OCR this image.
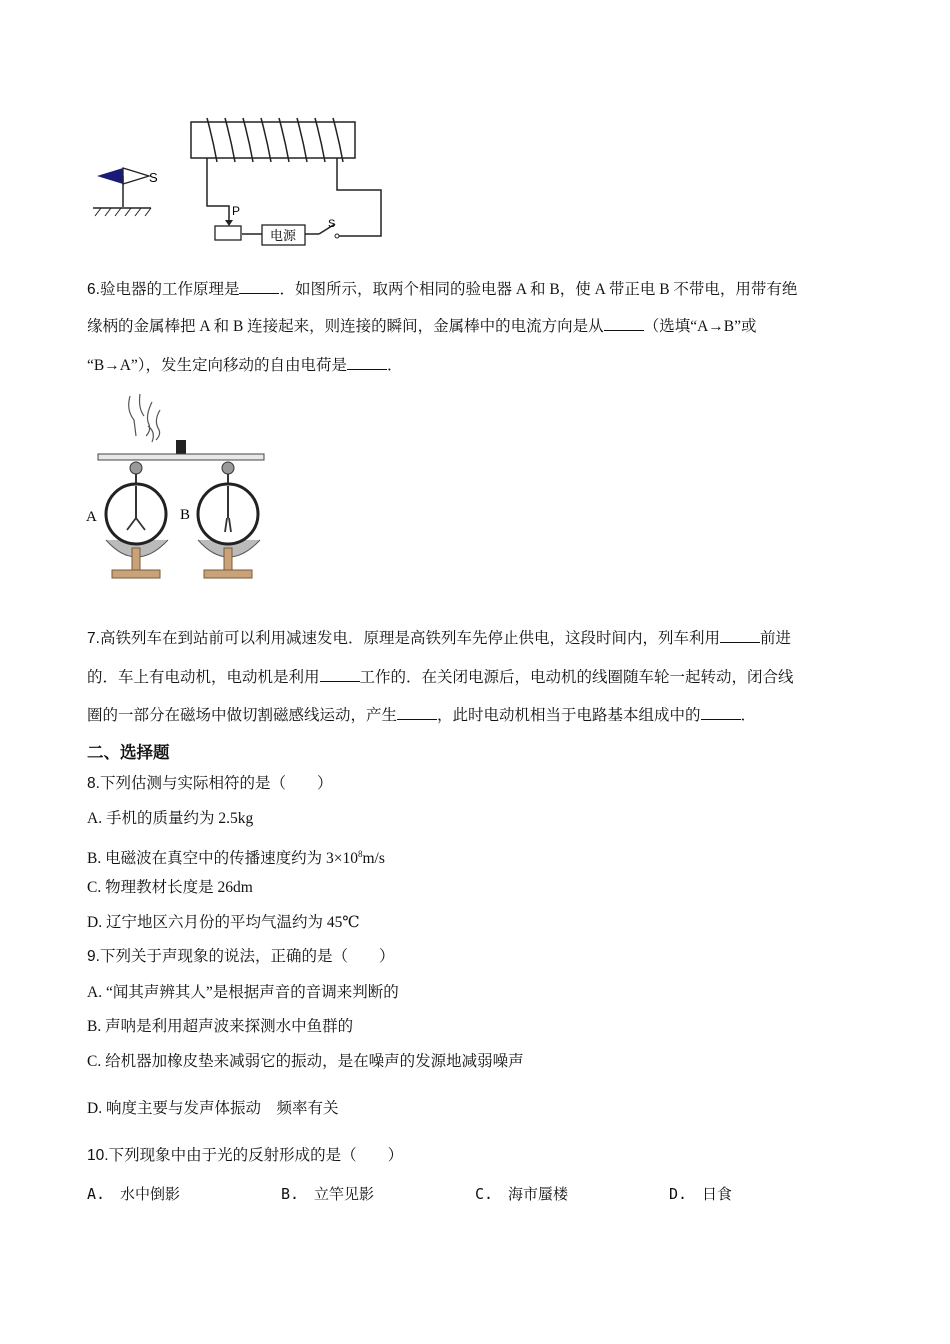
S
P
电源
S
6.验电器的工作原理是	．如图所示，取两个相同的验电器 A 和 B，使 A 带正电 B 不带电，用带有绝
缘柄的金属棒把 A 和 B 连接起来，则连接的瞬间，金属棒中的电流方向是从	（选填“A→B”或
“B→A”），发生定向移动的自由电荷是	．
A	B
7.高铁列车在到站前可以利用减速发电．原理是高铁列车先停止供电，这段时间内，列车利用	前进
的．车上有电动机，电动机是利用	工作的．在关闭电源后，电动机的线圈随车轮一起转动，闭合线
圈的一部分在磁场中做切割磁感线运动，产生	，此时电动机相当于电路基本组成中的	．
二、选择题
8.下列估测与实际相符的是（　　）
A. 手机的质量约为 2.5kg
B. 电磁波在真空中的传播速度约为 $3\times 10^8m/s$
C. 物理教材长度是 26dm
D. 辽宁地区六月份的平均气温约为 45℃
9.下列关于声现象的说法，正确的是（　　）
A. “闻其声辨其人”是根据声音的音调来判断的
B. 声呐是利用超声波来探测水中鱼群的
C. 给机器加橡皮垫来减弱它的振动，是在噪声的发源地减弱噪声
D. 响度主要与发声体振动　频率有关
10.下列现象中由于光的反射形成的是（　　）
A.　水中倒影	B.　立竿见影	C.　海市蜃楼	D.　日食
